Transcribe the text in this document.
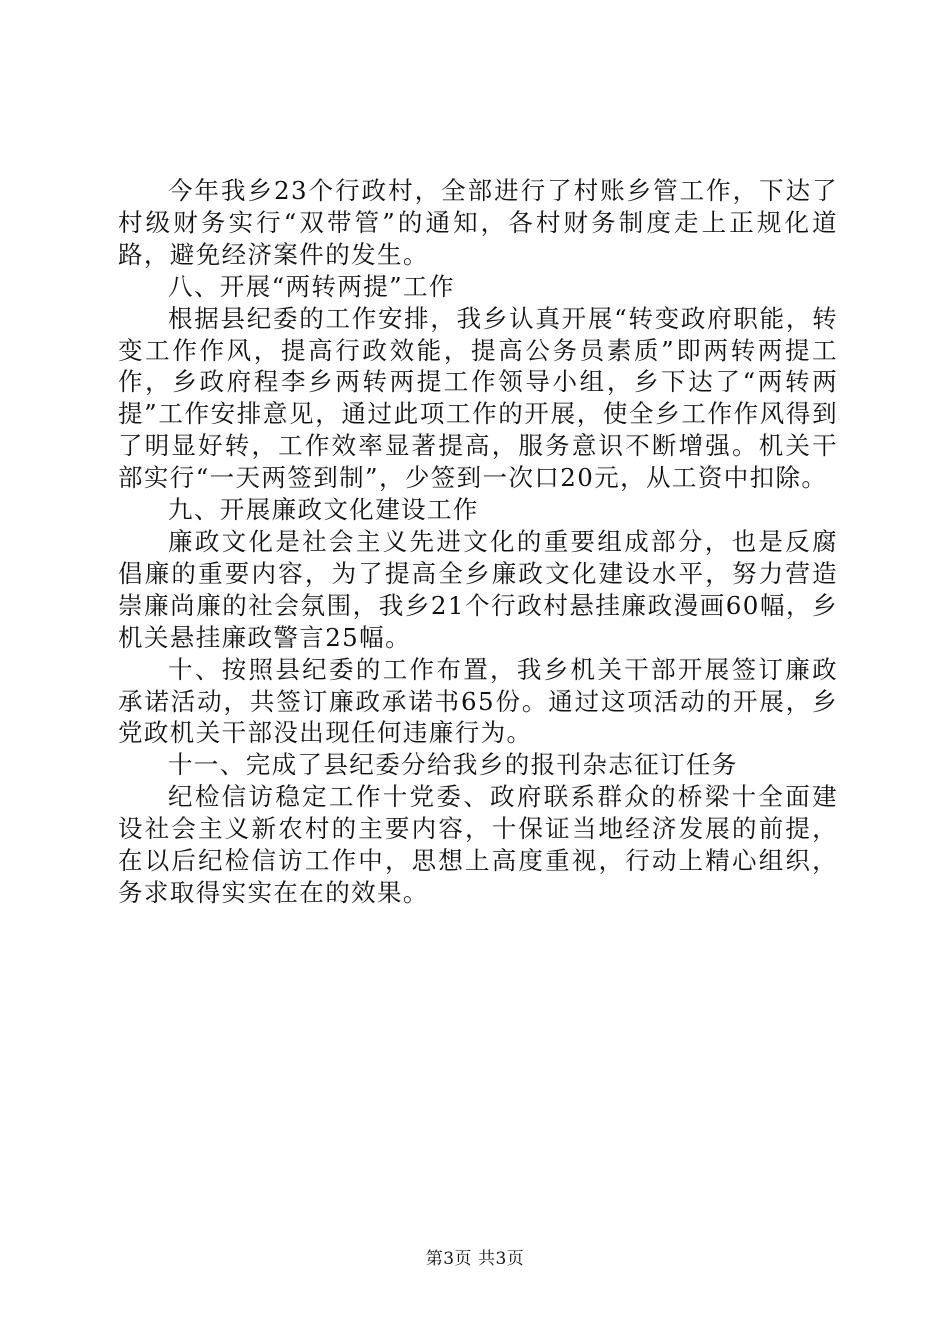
今年我乡23个行政村，全部进行了村账乡管工作，下达了村级财务实行“双带管”的通知，各村财务制度走上正规化道路，避免经济案件的发生。

八、开展“两转两提”工作

根据县纪委的工作安排，我乡认真开展“转变政府职能，转变工作作风，提高行政效能，提高公务员素质”即两转两提工作，乡政府程李乡两转两提工作领导小组，乡下达了“两转两提”工作安排意见，通过此项工作的开展，使全乡工作作风得到了明显好转，工作效率显著提高，服务意识不断增强。机关干部实行“一天两签到制”，少签到一次口20元，从工资中扣除。

九、开展廉政文化建设工作

廉政文化是社会主义先进文化的重要组成部分，也是反腐倡廉的重要内容，为了提高全乡廉政文化建设水平，努力营造崇廉尚廉的社会氛围，我乡21个行政村悬挂廉政漫画60幅，乡机关悬挂廉政警言25幅。

十、按照县纪委的工作布置，我乡机关干部开展签订廉政承诺活动，共签订廉政承诺书65份。通过这项活动的开展，乡党政机关干部没出现任何违廉行为。

十一、完成了县纪委分给我乡的报刊杂志征订任务

纪检信访稳定工作十党委、政府联系群众的桥梁十全面建设社会主义新农村的主要内容，十保证当地经济发展的前提，在以后纪检信访工作中，思想上高度重视，行动上精心组织，务求取得实实在在的效果。

第3页 共3页
